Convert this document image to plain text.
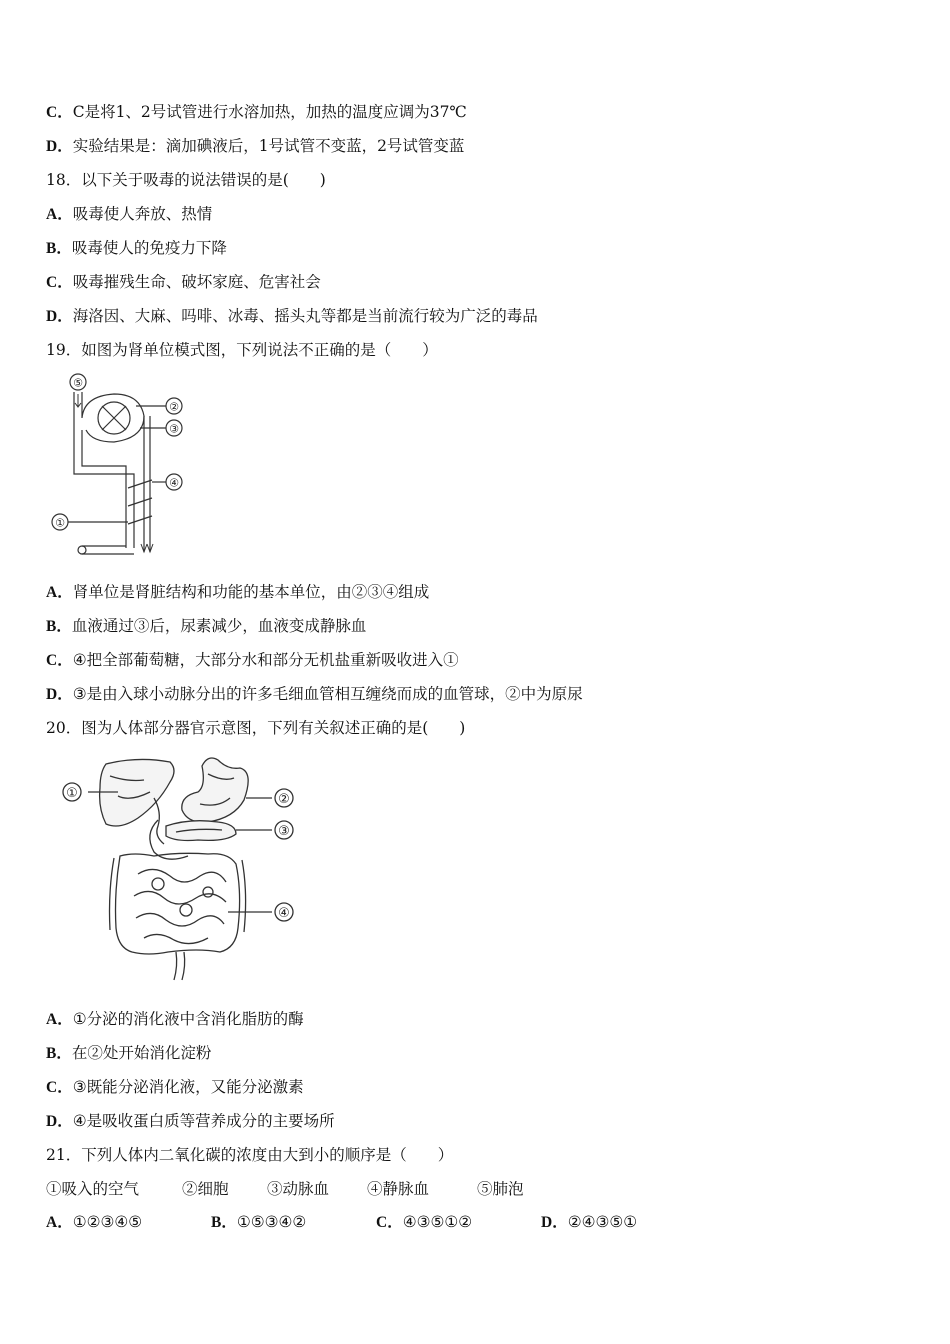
C．C是将1、2号试管进行水溶加热，加热的温度应调为37℃
D．实验结果是：滴加碘液后，1号试管不变蓝，2号试管变蓝
18．以下关于吸毒的说法错误的是(　　)
A．吸毒使人奔放、热情
B．吸毒使人的免疫力下降
C．吸毒摧残生命、破坏家庭、危害社会
D．海洛因、大麻、吗啡、冰毒、摇头丸等都是当前流行较为广泛的毒品
19．如图为肾单位模式图，下列说法不正确的是（　　）
⑤
②
③
④
①
A．肾单位是肾脏结构和功能的基本单位，由②③④组成
B．血液通过③后，尿素减少，血液变成静脉血
C．④把全部葡萄糖，大部分水和部分无机盐重新吸收进入①
D．③是由入球小动脉分出的许多毛细血管相互缠绕而成的血管球，②中为原尿
20．图为人体部分器官示意图，下列有关叙述正确的是(　　)
①	②
③
④
A．①分泌的消化液中含消化脂肪的酶
B．在②处开始消化淀粉
C．③既能分泌消化液，又能分泌激素
D．④是吸收蛋白质等营养成分的主要场所
21．下列人体内二氧化碳的浓度由大到小的顺序是（　　）
①吸入的空气	②细胞 ③动脉血 ④静脉血	⑤肺泡
A．①②③④⑤	B．①⑤③④②	C．④③⑤①②	D．②④③⑤①
